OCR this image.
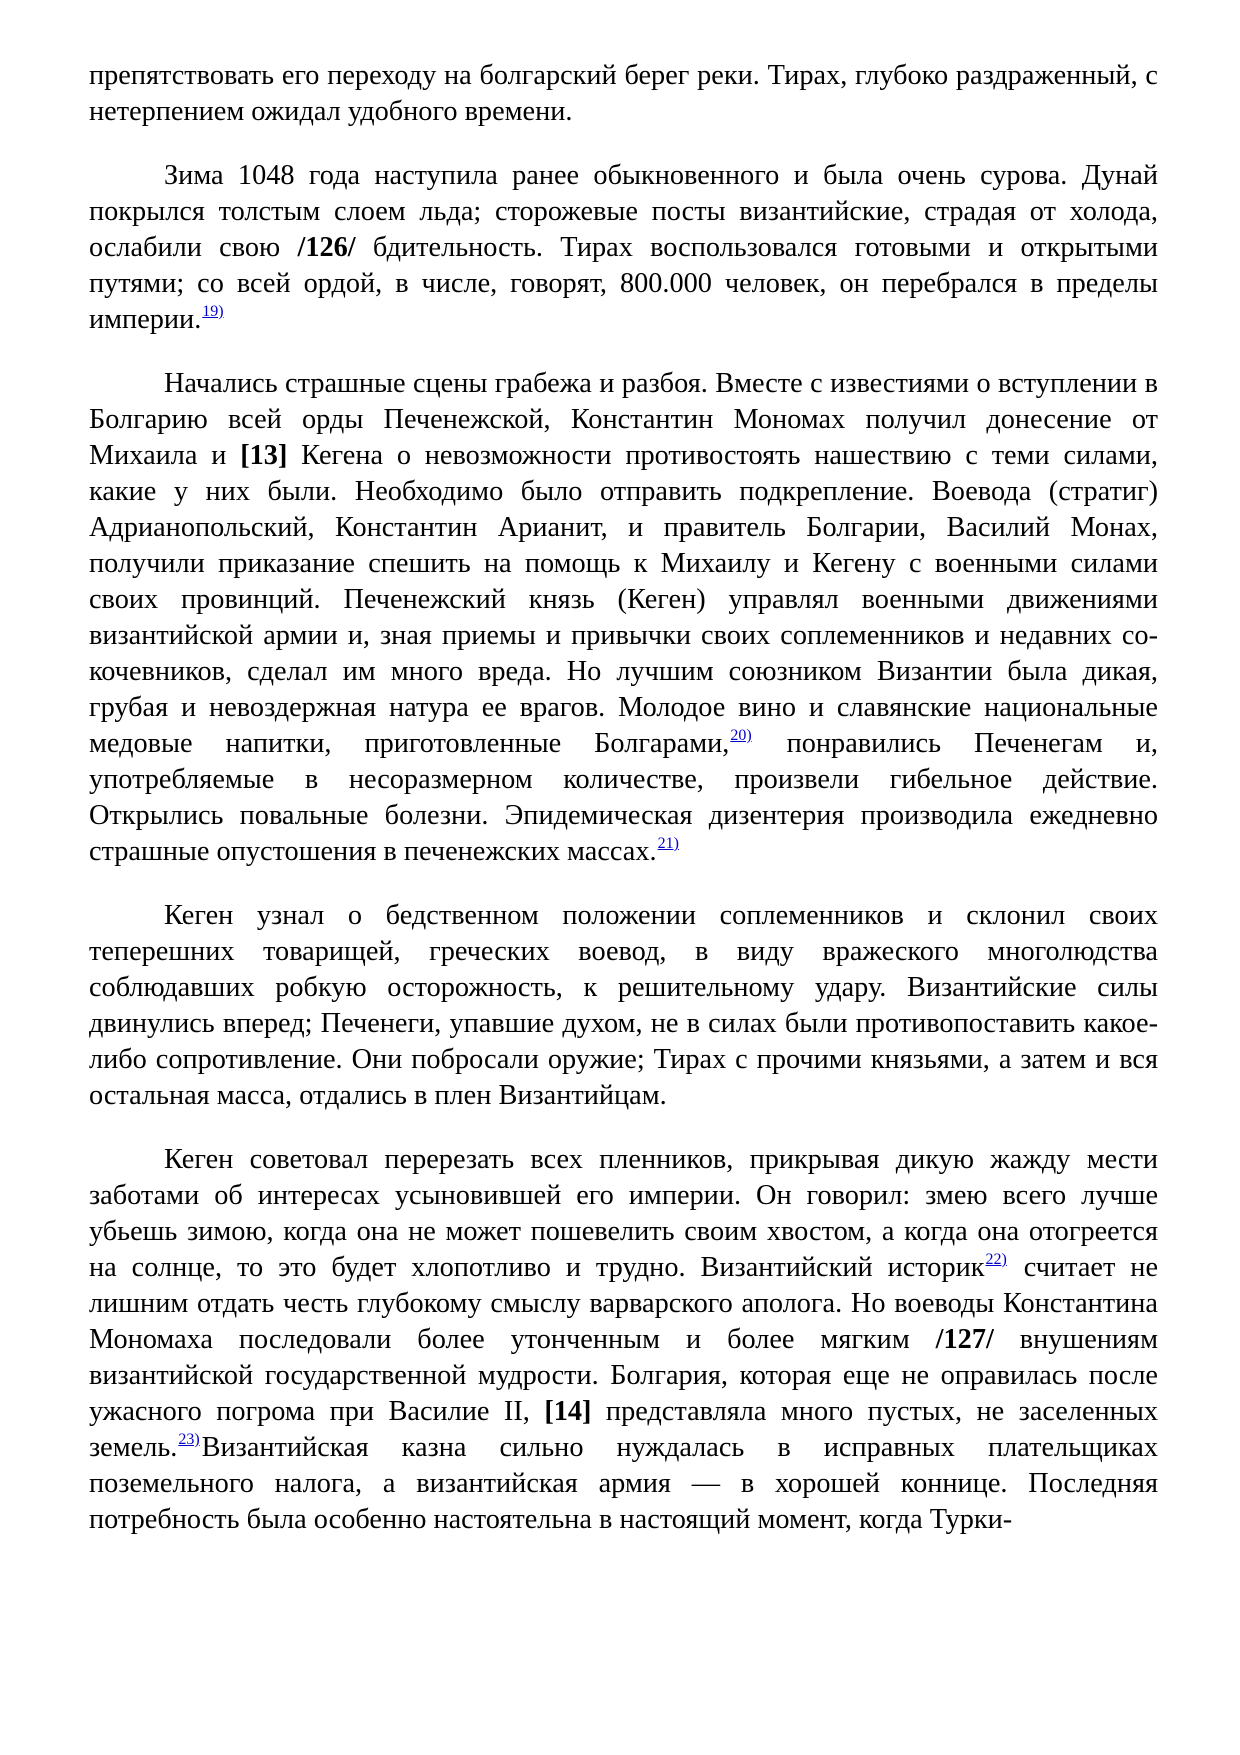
препятствовать его переходу на болгарский берег реки. Тирах, глубоко раздраженный, с нетерпением ожидал удобного времени.

Зима 1048 года наступила ранее обыкновенного и была очень сурова. Дунай покрылся толстым слоем льда; сторожевые посты византийские, страдая от холода, ослабили свою /126/ бдительность. Тирах воспользовался готовыми и открытыми путями; со всей ордой, в числе, говорят, 800.000 человек, он перебрался в пределы империи.$^{19)}$

Начались страшные сцены грабежа и разбоя. Вместе с известиями о вступлении в Болгарию всей орды Печенежской, Константин Мономах получил донесение от Михаила и [13] Кегена о невозможности противостоять нашествию с теми силами, какие у них были. Необходимо было отправить подкрепление. Воевода (стратиг) Адрианопольский, Константин Арианит, и правитель Болгарии, Василий Монах, получили приказание спешить на помощь к Михаилу и Кегену с военными силами своих провинций. Печенежский князь (Кеген) управлял военными движениями византийской армии и, зная приемы и привычки своих соплеменников и недавних сокочевников, сделал им много вреда. Но лучшим союзником Византии была дикая, грубая и невоздержная натура ее врагов. Молодое вино и славянские национальные медовые напитки, приготовленные Болгарами,$^{20)}$ понравились Печенегам и, употребляемые в несоразмерном количестве, произвели гибельное действие. Открылись повальные болезни. Эпидемическая дизентерия производила ежедневно страшные опустошения в печенежских массах.$^{21)}$

Кеген узнал о бедственном положении соплеменников и склонил своих теперешних товарищей, греческих воевод, в виду вражеского многолюдства соблюдавших робкую осторожность, к решительному удару. Византийские силы двинулись вперед; Печенеги, упавшие духом, не в силах были противопоставить какое-либо сопротивление. Они побросали оружие; Тирах с прочими князьями, а затем и вся остальная масса, отдались в плен Византийцам.

Кеген советовал перерезать всех пленников, прикрывая дикую жажду мести заботами об интересах усыновившей его империи. Он говорил: змею всего лучше убьешь зимою, когда она не может пошевелить своим хвостом, а когда она отогреется на солнце, то это будет хлопотливо и трудно. Византийский историк$^{22)}$ считает не лишним отдать честь глубокому смыслу варварского аполога. Но воеводы Константина Мономаха последовали более утонченным и более мягким /127/ внушениям византийской государственной мудрости. Болгария, которая еще не оправилась после ужасного погрома при Василие II, [14] представляла много пустых, не заселенных земель.$^{23)}$Византийская казна сильно нуждалась в исправных плательщиках поземельного налога, а византийская армия — в хорошей коннице. Последняя потребность была особенно настоятельна в настоящий момент, когда Турки-
